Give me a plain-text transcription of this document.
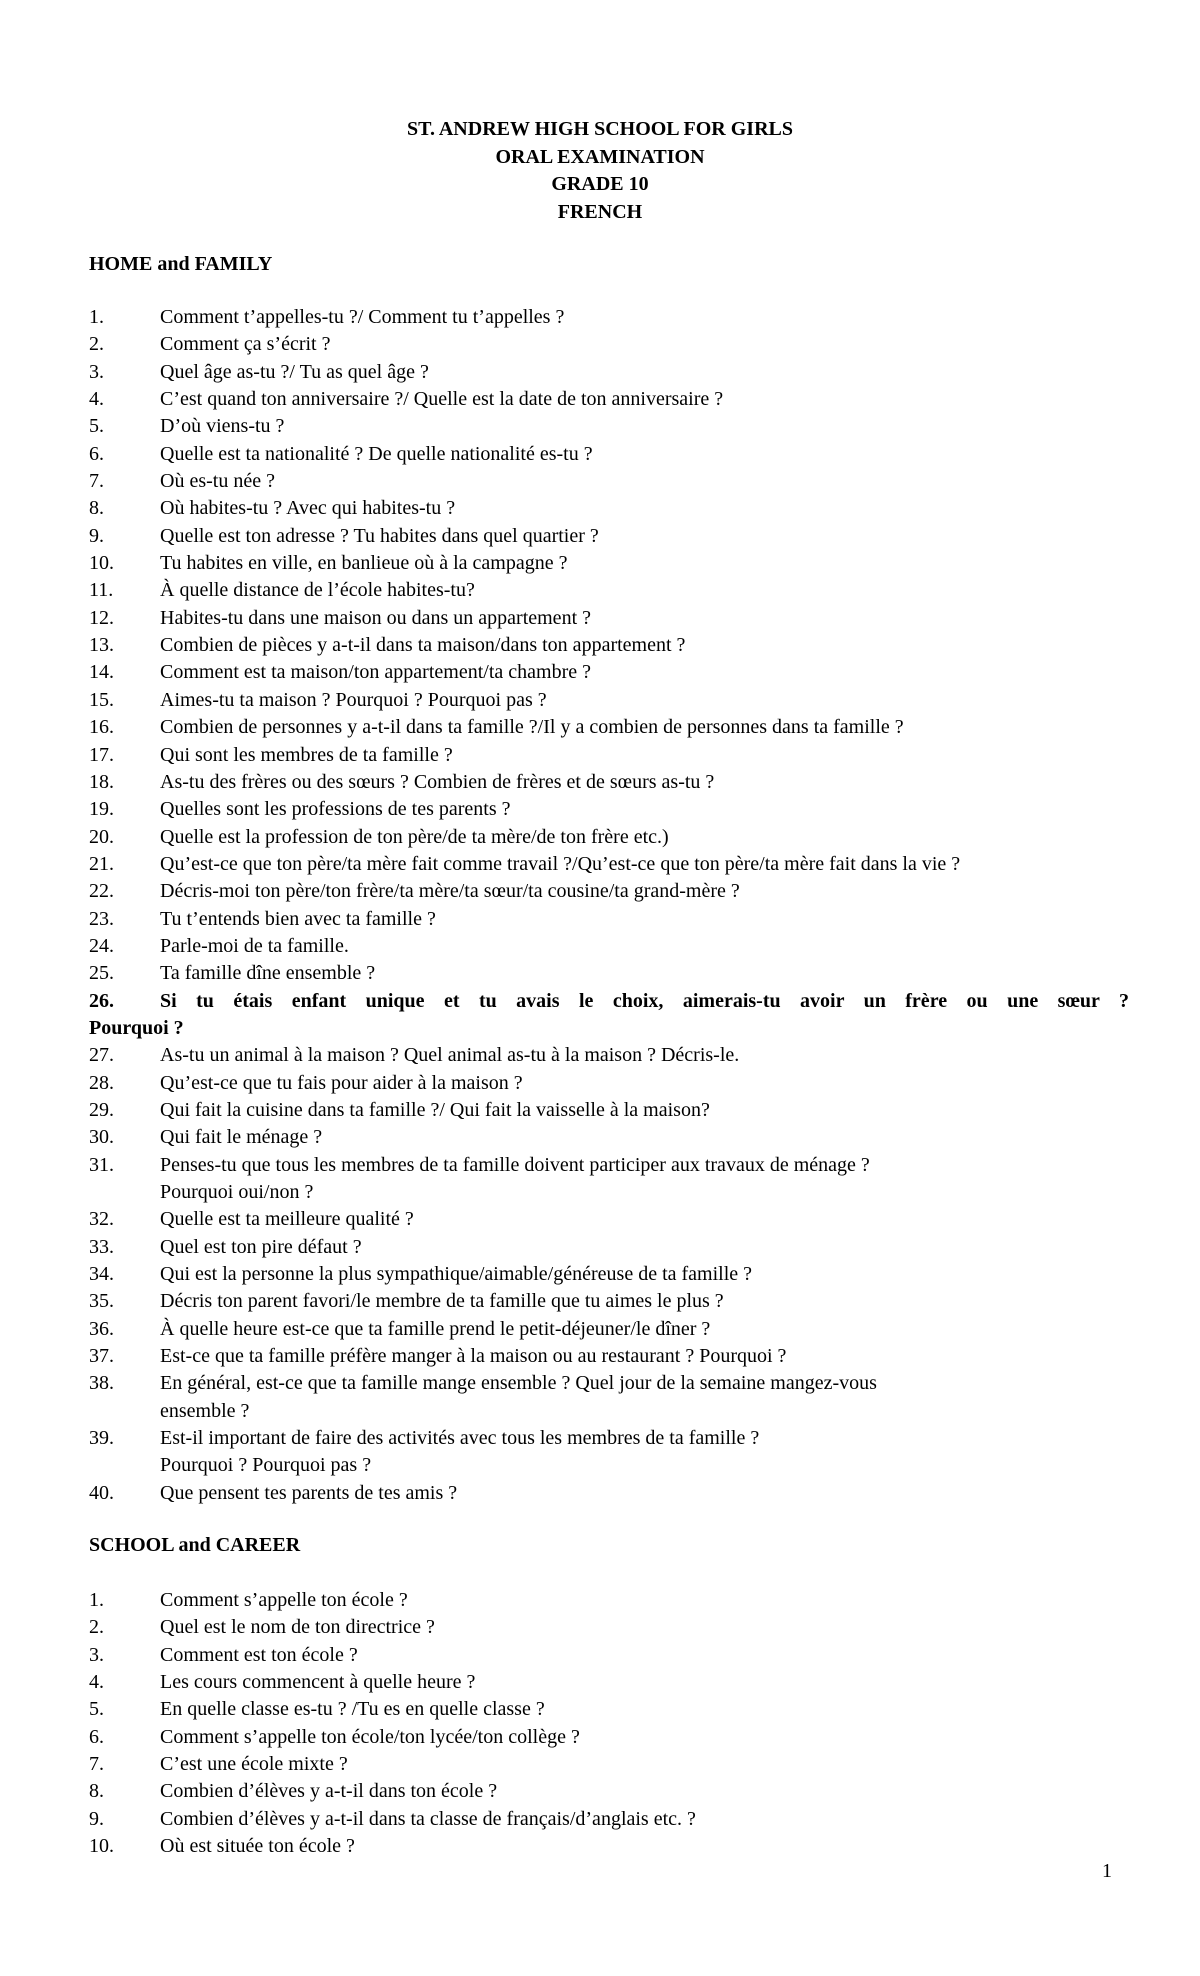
ST. ANDREW HIGH SCHOOL FOR GIRLS
ORAL EXAMINATION
GRADE 10
FRENCH
HOME and FAMILY
1.	Comment t’appelles-tu ?/ Comment tu t’appelles ?
2.	Comment ça s’écrit ?
3.	Quel âge as-tu ?/ Tu as quel âge ?
4.	C’est quand ton anniversaire ?/ Quelle est la date de ton anniversaire ?
5.	D’où viens-tu ?
6.	Quelle est ta nationalité ? De quelle nationalité es-tu ?
7.	Où es-tu née ?
8.	Où habites-tu ? Avec qui habites-tu ?
9.	Quelle est ton adresse ? Tu habites dans quel quartier ?
10. Tu habites en ville, en banlieue où à la campagne ?
11. À quelle distance de l’école habites-tu?
12. Habites-tu dans une maison ou dans un appartement ?
13. Combien de pièces y a-t-il dans ta maison/dans ton appartement ?
14. Comment est ta maison/ton appartement/ta chambre ?
15. Aimes-tu ta maison ? Pourquoi ? Pourquoi pas ?
16. Combien de personnes y a-t-il dans ta famille ?/Il y a combien de personnes dans ta famille ?
17. Qui sont les membres de ta famille ?
18. As-tu des frères ou des sœurs ? Combien de frères et de sœurs as-tu ?
19. Quelles sont les professions de tes parents ?
20. Quelle est la profession de ton père/de ta mère/de ton frère etc.)
21. Qu’est-ce que ton père/ta mère fait comme travail ?/Qu’est-ce que ton père/ta mère fait dans la vie ?
22. Décris-moi ton père/ton frère/ta mère/ta sœur/ta cousine/ta grand-mère ?
23. Tu t’entends bien avec ta famille ?
24. Parle-moi de ta famille.
25. Ta famille dîne ensemble ?
26. Si tu étais enfant unique et tu avais le choix, aimerais-tu avoir un frère ou une sœur ?
Pourquoi ?
27. As-tu un animal à la maison ? Quel animal as-tu à la maison ? Décris-le.
28. Qu’est-ce que tu fais pour aider à la maison ?
29. Qui fait la cuisine dans ta famille ?/ Qui fait la vaisselle à la maison?
30. Qui fait le ménage ?
31. Penses-tu que tous les membres de ta famille doivent participer aux travaux de ménage ?
Pourquoi oui/non ?
32. Quelle est ta meilleure qualité ?
33. Quel est ton pire défaut ?
34. Qui est la personne la plus sympathique/aimable/généreuse de ta famille ?
35. Décris ton parent favori/le membre de ta famille que tu aimes le plus ?
36. À quelle heure est-ce que ta famille prend le petit-déjeuner/le dîner ?
37. Est-ce que ta famille préfère manger à la maison ou au restaurant ? Pourquoi ?
38. En général, est-ce que ta famille mange ensemble ? Quel jour de la semaine mangez-vous
ensemble ?
39. Est-il important de faire des activités avec tous les membres de ta famille ?
Pourquoi ? Pourquoi pas ?
40. Que pensent tes parents de tes amis ?
SCHOOL and CAREER
1.	Comment s’appelle ton école ?
2.	Quel est le nom de ton directrice ?
3.	Comment est ton école ?
4.	Les cours commencent à quelle heure ?
5.	En quelle classe es-tu ? /Tu es en quelle classe ?
6.	Comment s’appelle ton école/ton lycée/ton collège ?
7.	C’est une école mixte ?
8.	Combien d’élèves y a-t-il dans ton école ?
9.	Combien d’élèves y a-t-il dans ta classe de français/d’anglais etc. ?
10. Où est située ton école ?
1
